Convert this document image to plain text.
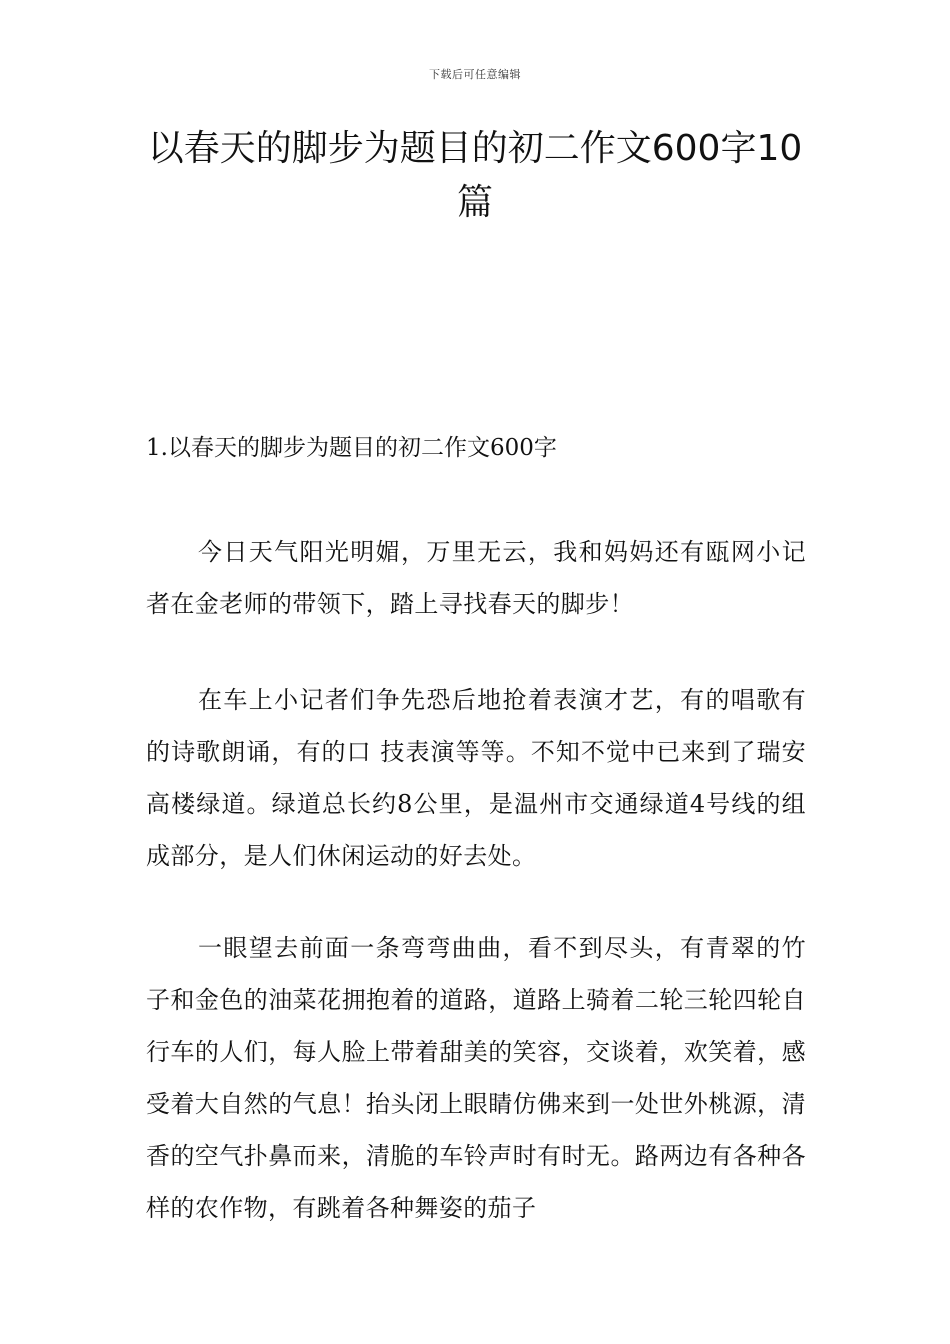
下载后可任意编辑
以春天的脚步为题目的初二作文600字10篇
1.以春天的脚步为题目的初二作文600字

今日天气阳光明媚，万里无云，我和妈妈还有瓯网小记者在金老师的带领下，踏上寻找春天的脚步！

在车上小记者们争先恐后地抢着表演才艺，有的唱歌有的诗歌朗诵，有的口 技表演等等。不知不觉中已来到了瑞安高楼绿道。绿道总长约8公里，是温州市交通绿道4号线的组成部分，是人们休闲运动的好去处。

一眼望去前面一条弯弯曲曲，看不到尽头，有青翠的竹子和金色的油菜花拥抱着的道路，道路上骑着二轮三轮四轮自行车的人们，每人脸上带着甜美的笑容，交谈着，欢笑着，感受着大自然的气息！抬头闭上眼睛仿佛来到一处世外桃源，清香的空气扑鼻而来，清脆的车铃声时有时无。路两边有各种各样的农作物，有跳着各种舞姿的茄子
